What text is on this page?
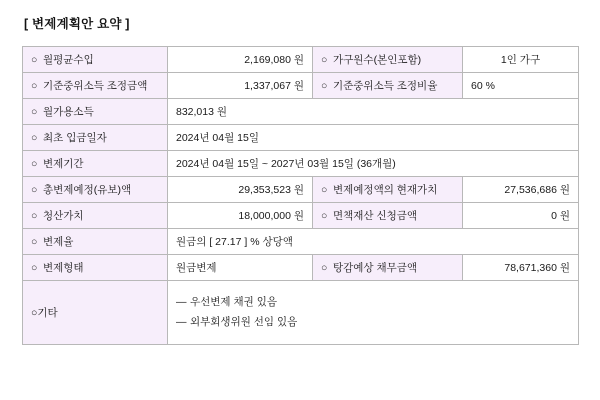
[ 변제계획안 요약 ]
○ 월평균수입	2,169,080 원	○ 가구원수(본인포함)	1인 가구
○ 기준중위소득 조정금액	1,337,067 원	○ 기준중위소득 조정비율	60 %
○ 월가용소득	832,013 원		
○ 최초 입금일자	2024년 04월 15일		
○ 변제기간	2024년 04월 15일 ~ 2027년 03월 15일 (36개월)		
○ 총변제예정(유보)액	29,353,523 원	○ 변제예정액의 현재가치	27,536,686 원
○ 청산가치	18,000,000 원	○ 면책재산 신청금액	0 원
○ 변제율	원금의 [ 27.17 ] % 상당액		
○ 변제형태	원금변제	○ 탕감예상 채무금액	78,671,360 원
○기타	― 우선변제 채권 있음
― 외부회생위원 선임 있음		
